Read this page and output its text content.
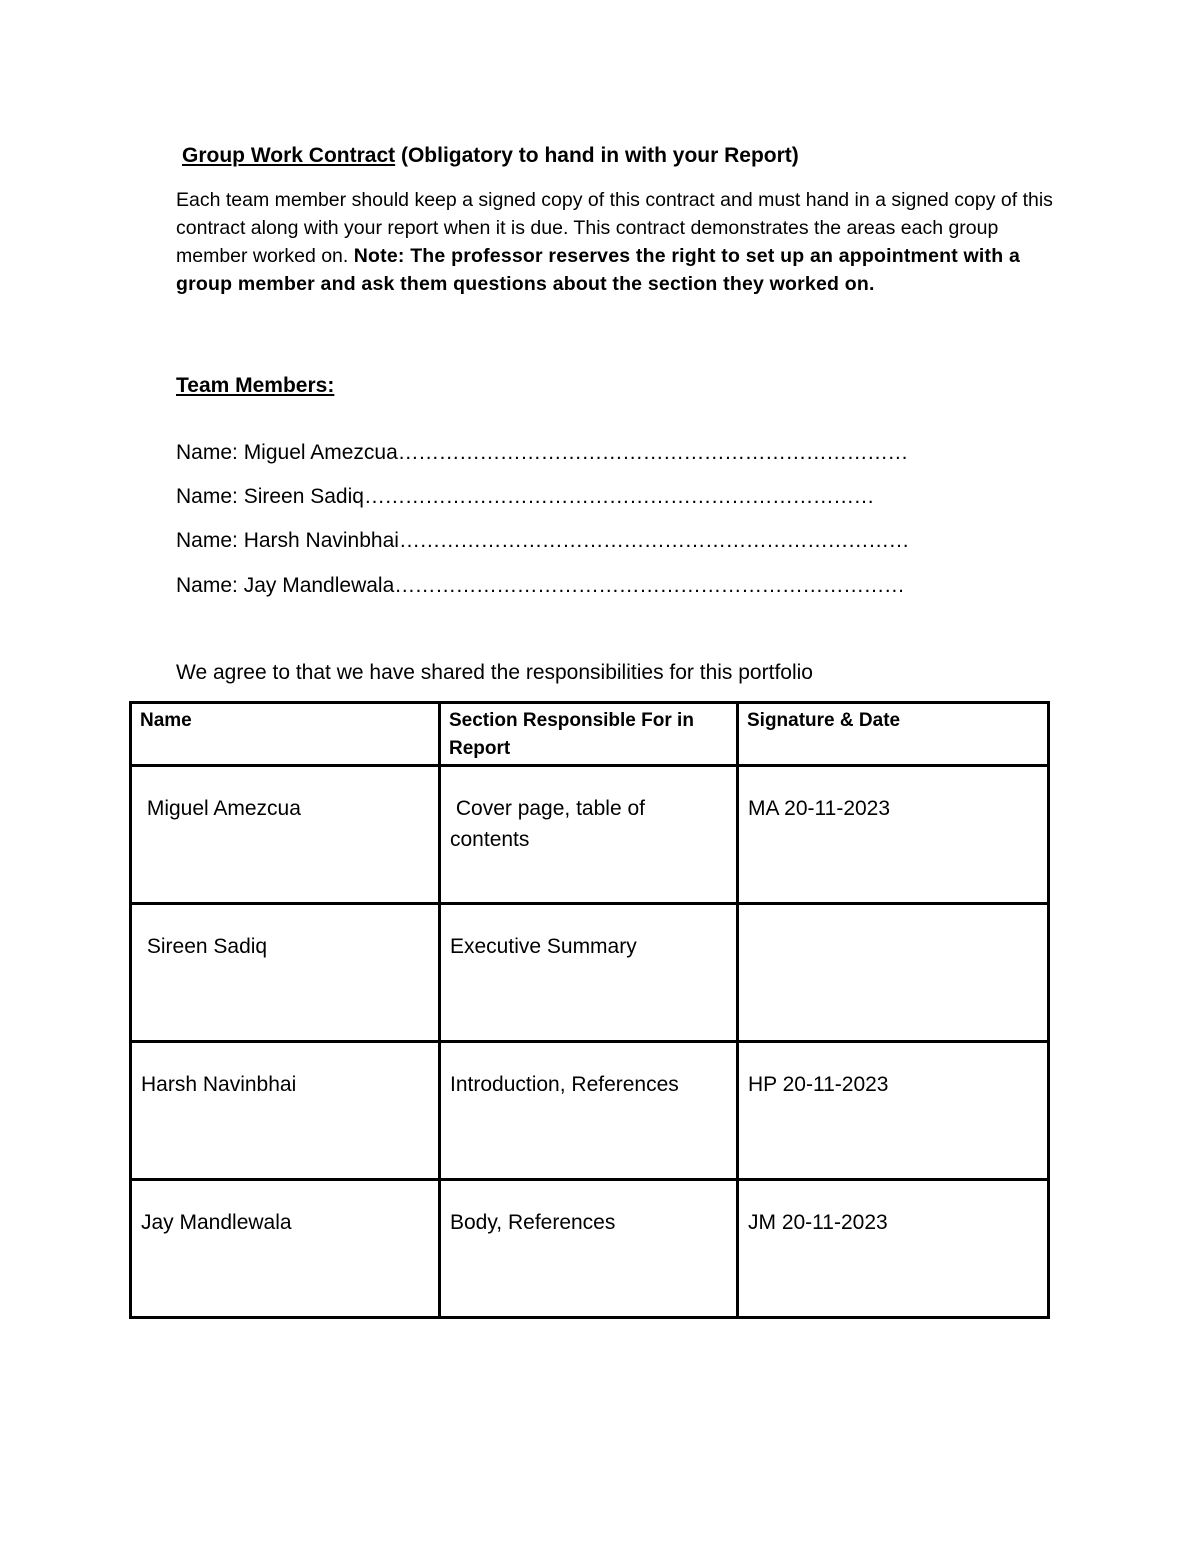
Group Work Contract (Obligatory to hand in with your Report)

Each team member should keep a signed copy of this contract and must hand in a signed copy of this contract along with your report when it is due. This contract demonstrates the areas each group member worked on. Note: The professor reserves the right to set up an appointment with a group member and ask them questions about the section they worked on.

Team Members:

Name: Miguel Amezcua…………………………………………………………………

Name: Sireen Sadiq…………………………………………………………………

Name: Harsh Navinbhai…………………………………………………………………

Name: Jay Mandlewala…………………………………………………………………

We agree to that we have shared the responsibilities for this portfolio

Name	Section Responsible For in Report	Signature & Date
Miguel Amezcua	Cover page, table of contents	MA 20-11-2023
Sireen Sadiq	Executive Summary	
Harsh Navinbhai	Introduction, References	HP 20-11-2023
Jay Mandlewala	Body, References	JM 20-11-2023
